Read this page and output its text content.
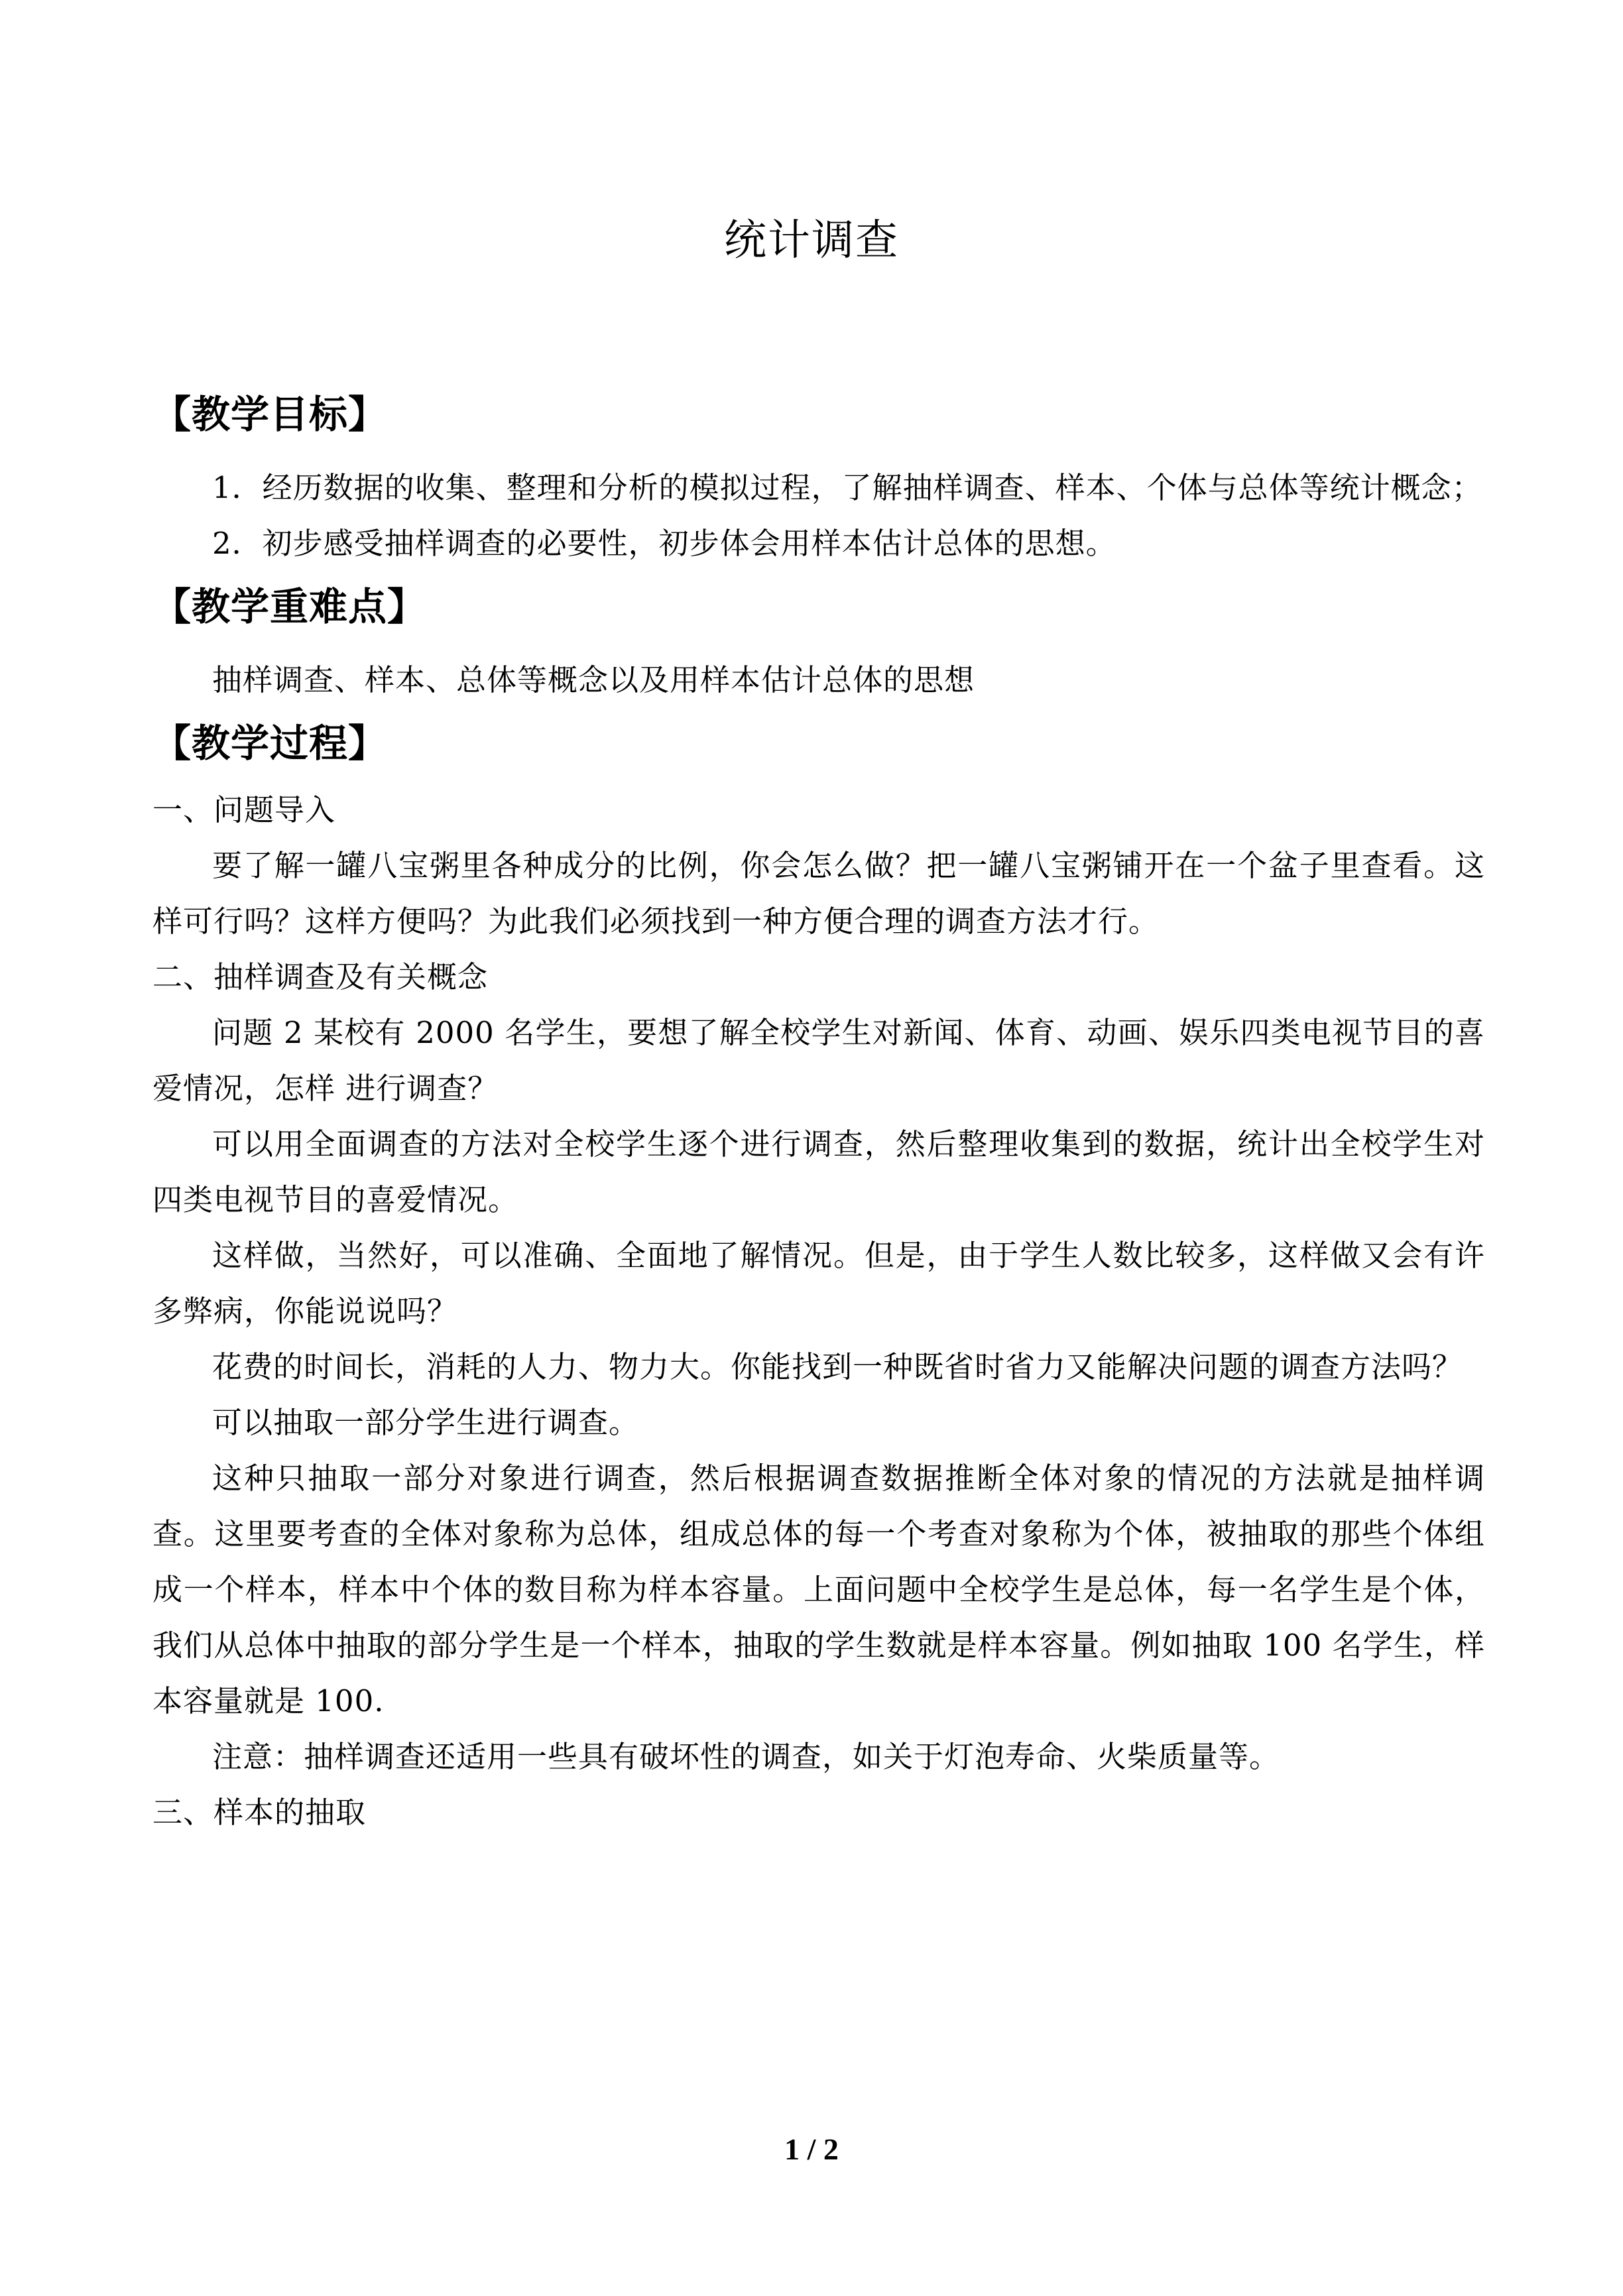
统计调查
【教学目标】

1．经历数据的收集、整理和分析的模拟过程，了解抽样调查、样本、个体与总体等统计概念；

2．初步感受抽样调查的必要性，初步体会用样本估计总体的思想。

【教学重难点】

抽样调查、样本、总体等概念以及用样本估计总体的思想

【教学过程】

一、问题导入

要了解一罐八宝粥里各种成分的比例，你会怎么做？把一罐八宝粥铺开在一个盆子里查看。这样可行吗？这样方便吗？为此我们必须找到一种方便合理的调查方法才行。

二、抽样调查及有关概念

问题 2 某校有 2000 名学生，要想了解全校学生对新闻、体育、动画、娱乐四类电视节目的喜爱情况，怎样 进行调查？

可以用全面调查的方法对全校学生逐个进行调查，然后整理收集到的数据，统计出全校学生对四类电视节目的喜爱情况。

这样做，当然好，可以准确、全面地了解情况。但是，由于学生人数比较多，这样做又会有许多弊病，你能说说吗？

花费的时间长，消耗的人力、物力大。你能找到一种既省时省力又能解决问题的调查方法吗？

可以抽取一部分学生进行调查。

这种只抽取一部分对象进行调查，然后根据调查数据推断全体对象的情况的方法就是抽样调查。这里要考查的全体对象称为总体，组成总体的每一个考查对象称为个体，被抽取的那些个体组成一个样本，样本中个体的数目称为样本容量。上面问题中全校学生是总体，每一名学生是个体，我们从总体中抽取的部分学生是一个样本，抽取的学生数就是样本容量。例如抽取 100 名学生，样本容量就是 100.

注意：抽样调查还适用一些具有破坏性的调查，如关于灯泡寿命、火柴质量等。

三、样本的抽取

1 / 2
